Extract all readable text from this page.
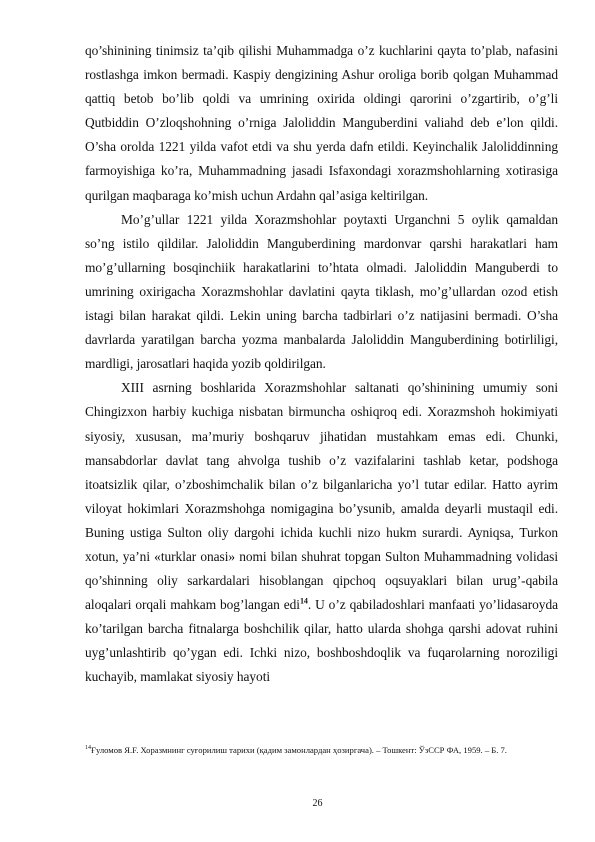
qo’shinining tinimsiz ta’qib qilishi Muhammadga o’z kuchlarini qayta to’plab, nafasini rostlashga imkon bermadi. Kaspiy dengizining Ashur oroliga borib qolgan Muhammad qattiq betob bo’lib qoldi va umrining oxirida oldingi qarorini o’zgartirib, o’g’li Qutbiddin O’zloqshohning o’rniga Jaloliddin Manguberdini valiahd deb e’lon qildi. O’sha orolda 1221 yilda vafot etdi va shu yerda dafn etildi. Keyinchalik Jaloliddinning farmoyishiga ko’ra, Muhammadning jasadi Isfaxondagi xorazmshohlarning xotirasiga qurilgan maqbaraga ko’mish uchun Ardahn qal’asiga keltirilgan.

Mo’g’ullar 1221 yilda Xorazmshohlar poytaxti Urganchni 5 oylik qamaldan so’ng istilo qildilar. Jaloliddin Manguberdining mardonvar qarshi harakatlari ham mo’g’ullarning bosqinchiik harakatlarini to’htata olmadi. Jaloliddin Manguberdi to umrining oxirigacha Xorazmshohlar davlatini qayta tiklash, mo’g’ullardan ozod etish istagi bilan harakat qildi. Lekin uning barcha tadbirlari o’z natijasini bermadi. O’sha davrlarda yaratilgan barcha yozma manbalarda Jaloliddin Manguberdining botirliligi, mardligi, jarosatlari haqida yozib qoldirilgan.

XIII asrning boshlarida Xorazmshohlar saltanati qo’shinining umumiy soni Chingizxon harbiy kuchiga nisbatan birmuncha oshiqroq edi. Xorazmshoh hokimiyati siyosiy, xususan, ma’muriy boshqaruv jihatidan mustahkam emas edi. Chunki, mansabdorlar davlat tang ahvolga tushib o’z vazifalarini tashlab ketar, podshoga itoatsizlik qilar, o’zboshimchalik bilan o’z bilganlaricha yo’l tutar edilar. Hatto ayrim viloyat hokimlari Xorazmshohga nomigagina bo’ysunib, amalda deyarli mustaqil edi. Buning ustiga Sulton oliy dargohi ichida kuchli nizo hukm surardi. Ayniqsa, Turkon xotun, ya’ni «turklar onasi» nomi bilan shuhrat topgan Sulton Muhammadning volidasi qo’shinning oliy sarkardalari hisoblangan qipchoq oqsuyaklari bilan urug’-qabila aloqalari orqali mahkam bog’langan edi$^{14}$. U o’z qabiladoshlari manfaati yo’lidasaroyda ko’tarilgan barcha fitnalarga boshchilik qilar, hatto ularda shohga qarshi adovat ruhini uyg’unlashtirib qo’ygan edi. Ichki nizo, boshboshdoqlik va fuqarolarning noroziligi kuchayib, mamlakat siyosiy hayoti

$^{14}$Ғуломов Я.F. Хоразмнинг суғорилиш тарихи (қадим замонлардан ҳозиргача). – Тошкент: ЎзССР ФА, 1959. – Б. 7.
26
